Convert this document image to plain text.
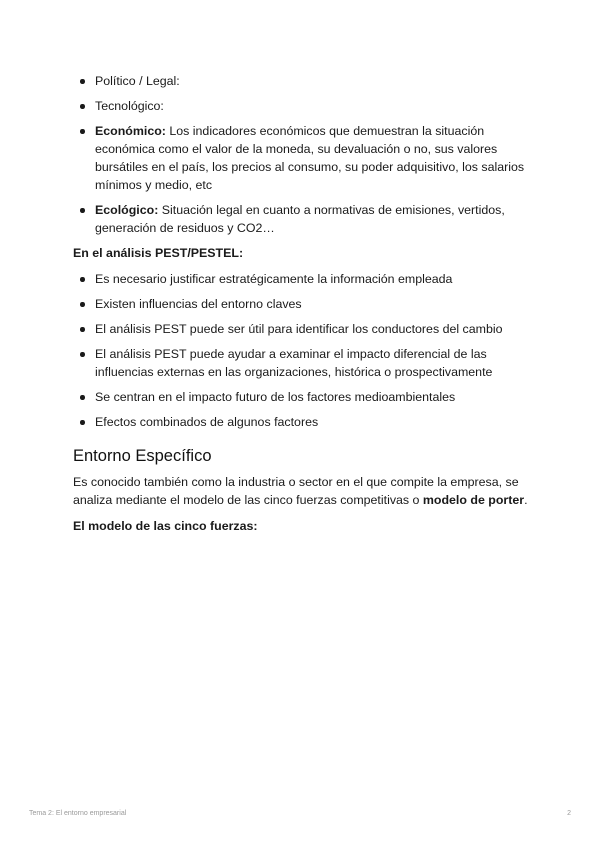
Político / Legal:
Tecnológico:
Económico: Los indicadores económicos que demuestran la situación económica como el valor de la moneda, su devaluación o no, sus valores bursátiles en el país, los precios al consumo, su poder adquisitivo, los salarios mínimos y medio, etc
Ecológico: Situación legal en cuanto a normativas de emisiones, vertidos, generación de residuos y CO2…

En el análisis PEST/PESTEL:

Es necesario justificar estratégicamente la información empleada
Existen influencias del entorno claves
El análisis PEST puede ser útil para identificar los conductores del cambio
El análisis PEST puede ayudar a examinar el impacto diferencial de las influencias externas en las organizaciones, histórica o prospectivamente
Se centran en el impacto futuro de los factores medioambientales
Efectos combinados de algunos factores
Entorno Específico

Es conocido también como la industria o sector en el que compite la empresa, se analiza mediante el modelo de las cinco fuerzas competitivas o modelo de porter.

El modelo de las cinco fuerzas:

Tema 2: El entorno empresarial	2
